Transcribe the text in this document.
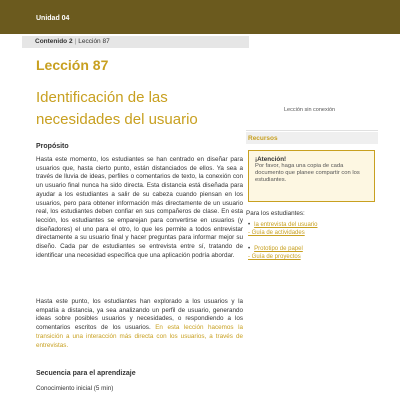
Unidad 04
Contenido 2 | Lección 87
Lección 87
Identificación de las
necesidades del usuario
Propósito

Hasta este momento, los estudiantes se han centrado en diseñar para usuarios que, hasta cierto punto, están distanciados de ellos. Ya sea a través de lluvia de ideas, perfiles o comentarios de texto, la conexión con un usuario final nunca ha sido directa. Esta distancia está diseñada para ayudar a los estudiantes a salir de su cabeza cuando piensan en los usuarios, pero para obtener información más directamente de un usuario real, los estudiantes deben confiar en sus compañeros de clase. En esta lección, los estudiantes se emparejan para convertirse en usuarios (y diseñadores) el uno para el otro, lo que les permite a todos entrevistar directamente a su usuario final y hacer preguntas para informar mejor su diseño. Cada par de estudiantes se entrevista entre sí, tratando de identificar una necesidad específica que una aplicación podría abordar.

Hasta este punto, los estudiantes han explorado a los usuarios y la empatía a distancia, ya sea analizando un perfil de usuario, generando ideas sobre posibles usuarios y necesidades, o respondiendo a los comentarios escritos de los usuarios. En esta lección hacemos la transición a una interacción más directa con los usuarios, a través de entrevistas.

Secuencia para el aprendizaje

Conocimiento inicial (5 min)

Lección sin conexión
Recursos
¡Atención!
Por favor, haga una copia de cada documento que planee compartir con los estudiantes.
Para los estudiantes:
• la entrevista del usuario
- Guía de actividades
• Prototipo de papel
- Guía de proyectos
